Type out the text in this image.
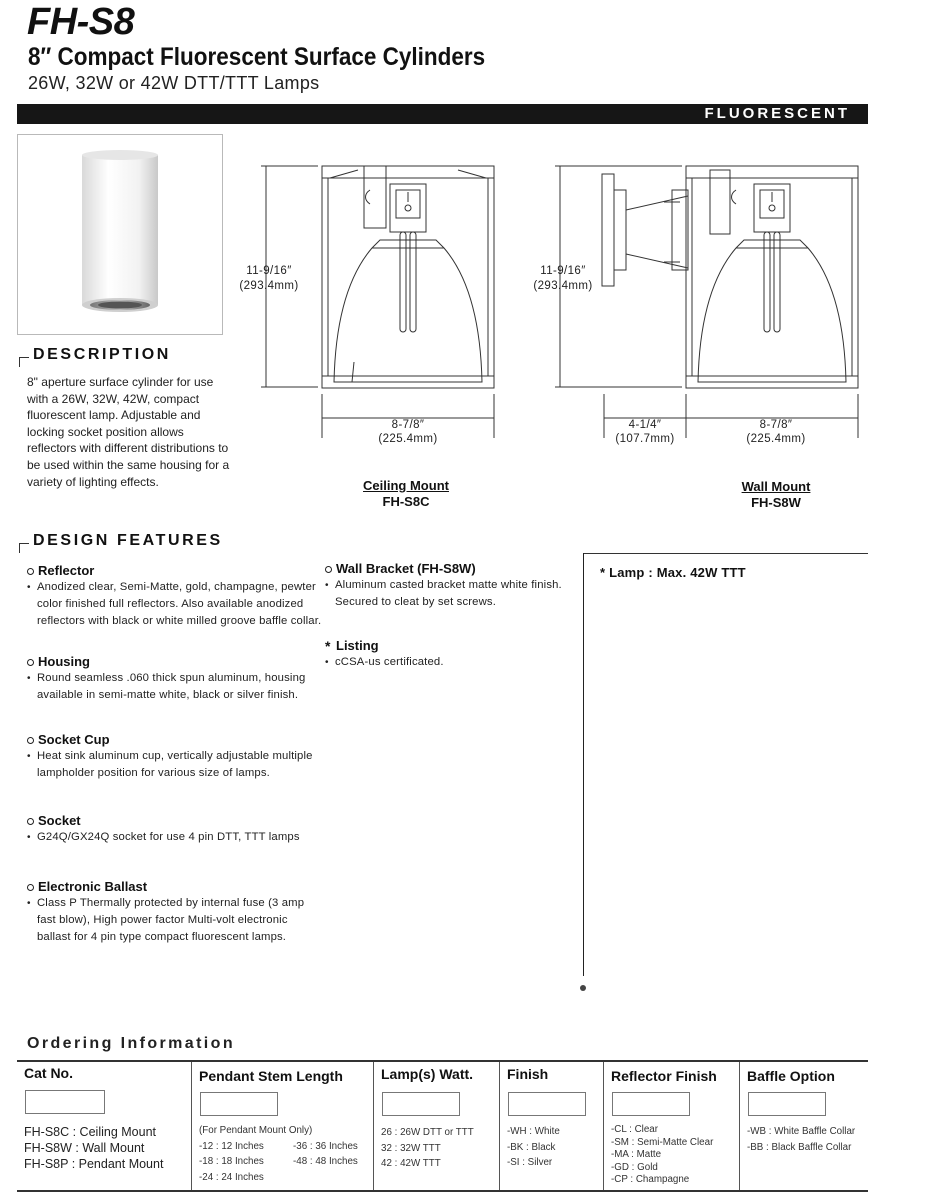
FH-S8
8″ Compact Fluorescent Surface Cylinders
26W, 32W or 42W DTT/TTT Lamps
FLUORESCENT
DESCRIPTION
8" aperture surface cylinder for use with a 26W, 32W, 42W, compact fluorescent lamp. Adjustable and locking socket position allows reflectors with different distributions to be used within the same housing for a variety of lighting effects.
11-9/16″
(293.4mm)
8-7/8″
(225.4mm)
Ceiling Mount
FH-S8C
11-9/16″
(293.4mm)
4-1/4″
(107.7mm)
8-7/8″
(225.4mm)
Wall Mount
FH-S8W
DESIGN FEATURES
Reflector

• Anodized clear, Semi-Matte, gold, champagne, pewter color finished full reflectors. Also available anodized reflectors with black or white milled groove baffle collar.

Housing

• Round seamless .060 thick spun aluminum, housing available in semi-matte white, black or silver finish.

Socket Cup

• Heat sink aluminum cup, vertically adjustable multiple lampholder position for various size of lamps.

Socket

• G24Q/GX24Q socket for use 4 pin DTT, TTT lamps

Electronic Ballast

• Class P Thermally protected by internal fuse (3 amp fast blow), High power factor Multi-volt electronic ballast for 4 pin type compact fluorescent lamps.

Wall Bracket (FH-S8W)

• Aluminum casted bracket matte white finish. Secured to cleat by set screws.

* Listing

• cCSA-us certificated.

* Lamp : Max. 42W TTT
Ordering Information
Cat No.
FH-S8C : Ceiling Mount
FH-S8W : Wall Mount
FH-S8P : Pendant Mount
Pendant Stem Length
(For Pendant Mount Only)
-12 : 12 Inches	-36 : 36 Inches
-18 : 18 Inches	-48 : 48 Inches
-24 : 24 Inches
Lamp(s) Watt.
26 : 26W DTT or TTT
32 : 32W TTT
42 : 42W TTT
Finish
-WH : White
-BK : Black
-SI : Silver
Reflector Finish
-CL : Clear
-SM : Semi-Matte Clear
-MA : Matte
-GD : Gold
-CP : Champagne
Baffle Option
-WB : White Baffle Collar
-BB : Black Baffle Collar
